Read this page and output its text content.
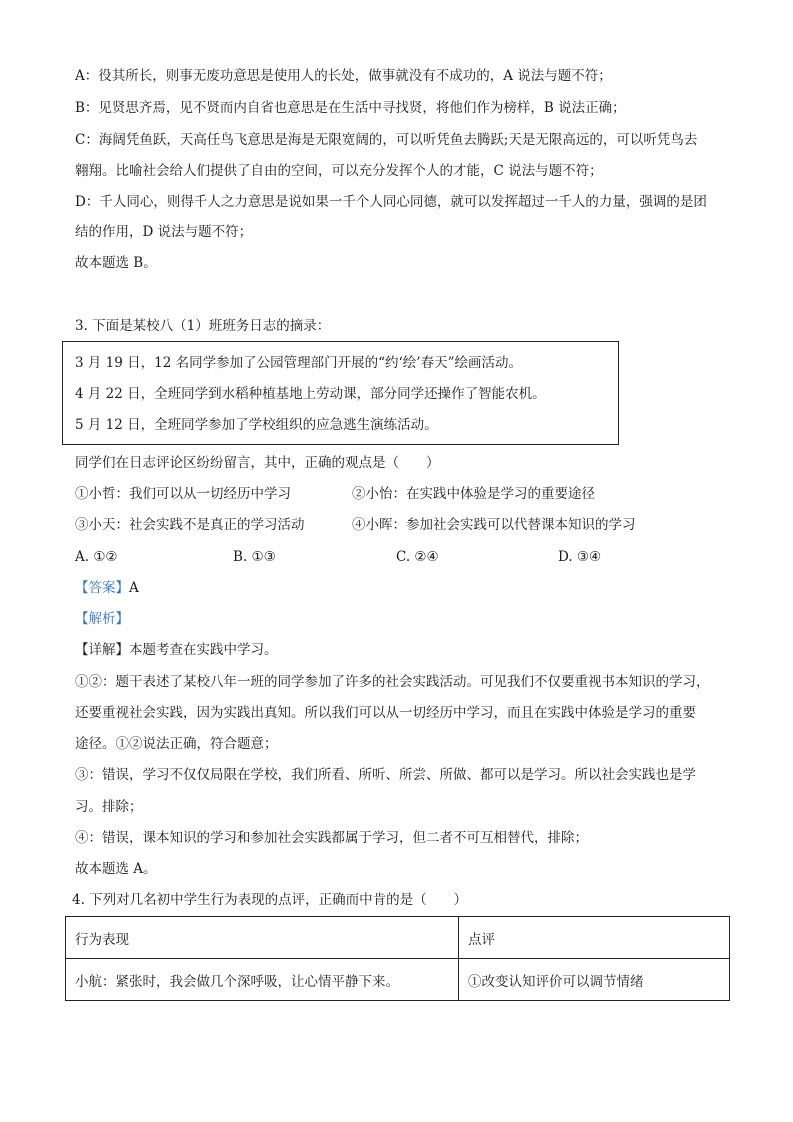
A：役其所长，则事无废功意思是使用人的长处，做事就没有不成功的，A 说法与题不符；
B：见贤思齐焉，见不贤而内自省也意思是在生活中寻找贤，将他们作为榜样，B 说法正确；
C：海阔凭鱼跃，天高任鸟飞意思是海是无限宽阔的，可以听凭鱼去腾跃;天是无限高远的，可以听凭鸟去
翱翔。比喻社会给人们提供了自由的空间，可以充分发挥个人的才能，C 说法与题不符；
D：千人同心，则得千人之力意思是说如果一千个人同心同德，就可以发挥超过一千人的力量，强调的是团
结的作用，D 说法与题不符；
故本题选 B。
3. 下面是某校八（1）班班务日志的摘录：
3 月 19 日，12 名同学参加了公园管理部门开展的“约‘绘’春天”绘画活动。
4 月 22 日，全班同学到水稻种植基地上劳动课，部分同学还操作了智能农机。
5 月 12 日，全班同学参加了学校组织的应急逃生演练活动。
同学们在日志评论区纷纷留言，其中，正确的观点是（　　）
①小哲：我们可以从一切经历中学习	②小怡：在实践中体验是学习的重要途径
③小天：社会实践不是真正的学习活动	④小晖：参加社会实践可以代替课本知识的学习
A. ①②	B. ①③	C. ②④	D. ③④
【答案】A
【解析】
【详解】本题考查在实践中学习。
①②：题干表述了某校八年一班的同学参加了许多的社会实践活动。可见我们不仅要重视书本知识的学习，
还要重视社会实践，因为实践出真知。所以我们可以从一切经历中学习，而且在实践中体验是学习的重要
途径。①②说法正确，符合题意；
③：错误，学习不仅仅局限在学校，我们所看、所听、所尝、所做、都可以是学习。所以社会实践也是学
习。排除；
④：错误，课本知识的学习和参加社会实践都属于学习，但二者不可互相替代，排除；
故本题选 A。
4. 下列对几名初中学生行为表现的点评，正确而中肯的是（　　）
行为表现	点评
小航：紧张时，我会做几个深呼吸，让心情平静下来。	①改变认知评价可以调节情绪
